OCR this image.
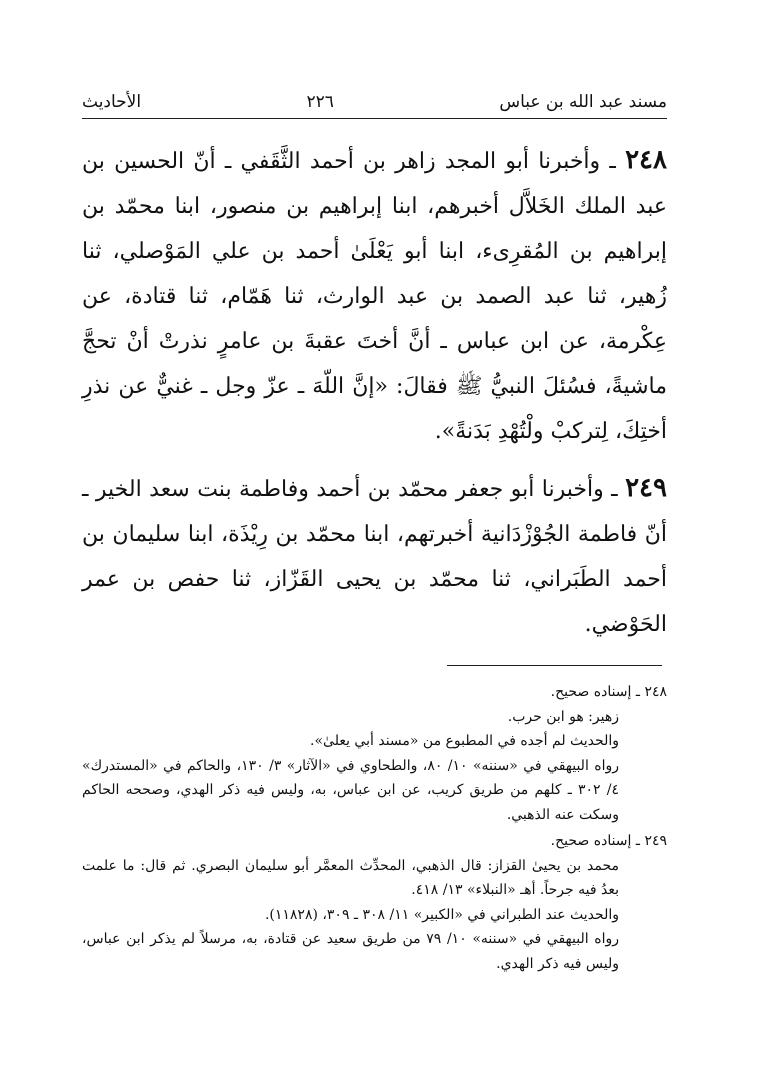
مسند عبد الله بن عباس
٢٢٦
الأحاديث

٢٤٨ ـ وأخبرنا أبو المجد زاهر بن أحمد الثَّقَفي ـ أنّ الحسين بن عبد الملك الخَلاَّل أخبرهم، ابنا إبراهيم بن منصور، ابنا محمّد بن إبراهيم بن المُقرِىء، ابنا أبو يَعْلَىٰ أحمد بن علي المَوْصلي، ثنا زُهير، ثنا عبد الصمد بن عبد الوارث، ثنا هَمّام، ثنا قتادة، عن عِكْرمة، عن ابن عباس ـ أنَّ أختَ عقبةَ بن عامرٍ نذرتْ أنْ تحجَّ ماشيةً، فسُئلَ النبيُّ ﷺ فقالَ: «إنَّ اللّهَ ـ عزّ وجل ـ غنيٌّ عن نذرِ أختِكَ، لِتركبْ ولْتُهْدِ بَدَنةً».

٢٤٩ ـ وأخبرنا أبو جعفر محمّد بن أحمد وفاطمة بنت سعد الخير ـ أنّ فاطمة الجُوْزْدَانية أخبرتهم، ابنا محمّد بن رِيْذَة، ابنا سليمان بن أحمد الطَبَراني، ثنا محمّد بن يحيى القَزّاز، ثنا حفص بن عمر الحَوْضي.

٢٤٨ ـ إسناده صحيح.

زهير: هو ابن حرب.

والحديث لم أجده في المطبوع من «مسند أبي يعلىٰ».

رواه البيهقي في «سننه» ١٠/ ٨٠، والطحاوي في «الآثار» ٣/ ١٣٠، والحاكم في «المستدرك» ٤/ ٣٠٢ ـ كلهم من طريق كريب، عن ابن عباس، به، وليس فيه ذكر الهدي، وصححه الحاكم وسكت عنه الذهبي.

٢٤٩ ـ إسناده صحيح.

محمد بن يحيىٰ القزاز: قال الذهبي، المحدِّث المعمَّر أبو سليمان البصري. ثم قال: ما علمت بعدُ فيه جرحاً. أهـ «النبلاء» ١٣/ ٤١٨.

والحديث عند الطبراني في «الكبير» ١١/ ٣٠٨ ـ ٣٠٩، (١١٨٢٨).

رواه البيهقي في «سننه» ١٠/ ٧٩ من طريق سعيد عن قتادة، به، مرسلاً لم يذكر ابن عباس، وليس فيه ذكر الهدي.
